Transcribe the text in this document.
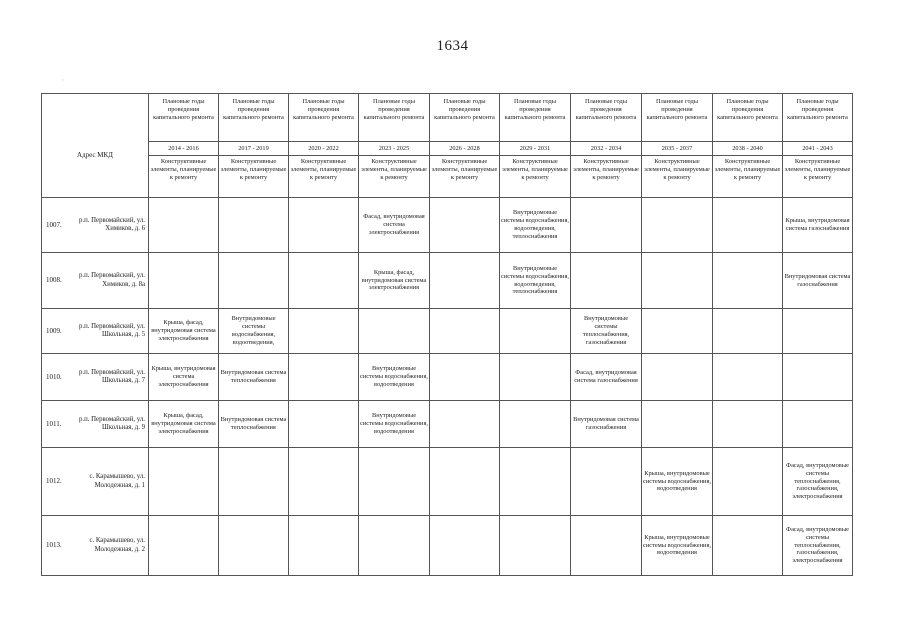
1634
`
Адрес МКД		Плановые годы проведения капитального ремонта	Плановые годы проведения капитального ремонта	Плановые годы проведения капитального ремонта	Плановые годы проведения капитального ремонта	Плановые годы проведения капитального ремонта	Плановые годы проведения капитального ремонта	Плановые годы проведения капитального ремонта	Плановые годы проведения капитального ремонта	Плановые годы проведения капитального ремонта	Плановые годы проведения капитального ремонта
		2014 - 2016	2017 - 2019	2020 - 2022	2023 - 2025	2026 - 2028	2029 - 2031	2032 - 2034	2035 - 2037	2038 - 2040	2041 - 2043
		Конструктивные элементы, планируемые к ремонту	Конструктивные элементы, планируемые к ремонту	Конструктивные элементы, планируемые к ремонту	Конструктивные элементы, планируемые к ремонту	Конструктивные элементы, планируемые к ремонту	Конструктивные элементы, планируемые к ремонту	Конструктивные элементы, планируемые к ремонту	Конструктивные элементы, планируемые к ремонту	Конструктивные элементы, планируемые к ремонту	Конструктивные элементы, планируемые к ремонту
1007.	р.п. Первомайский, ул. Химиков, д. 6				Фасад, внутридомовая система электроснабжения		Внутридомовые системы водоснабжения, водоотведения, теплоснабжения				Крыша, внутридомовая система газоснабжения
1008.	р.п. Первомайский, ул. Химиков, д. 8а				Крыша, фасад, внутридомовая система электроснабжения		Внутридомовые системы водоснабжения, водоотведения, теплоснабжения				Внутридомовая система газоснабжения
1009.	р.п. Первомайский, ул. Школьная, д. 5	Крыша, фасад, внутридомовая система электроснабжения	Внутридомовые системы водоснабжения, водоотведения,					Внутридомовые системы теплоснабжения, газоснабжения			
1010.	р.п. Первомайский, ул. Школьная, д. 7	Крыша, внутридомовая система электроснабжения	Внутридомовая система теплоснабжения		Внутридомовые системы водоснабжения, водоотведения			Фасад, внутридомовая система газоснабжения			
1011.	р.п. Первомайский, ул. Школьная, д. 9	Крыша, фасад, внутридомовая система электроснабжения	Внутридомовая система теплоснабжения		Внутридомовые системы водоснабжения, водоотведения			Внутридомовая система газоснабжения			
1012.	с. Карамышево, ул. Молодежная, д. 1								Крыша, внутридомовые системы водоснабжения, водоотведения		Фасад, внутридомовые системы теплоснабжения, газоснабжения, электроснабжения
1013.	с. Карамышево, ул. Молодежная, д. 2								Крыша, внутридомовые системы водоснабжения, водоотведения		Фасад, внутридомовые системы теплоснабжения, газоснабжения, электроснабжения
